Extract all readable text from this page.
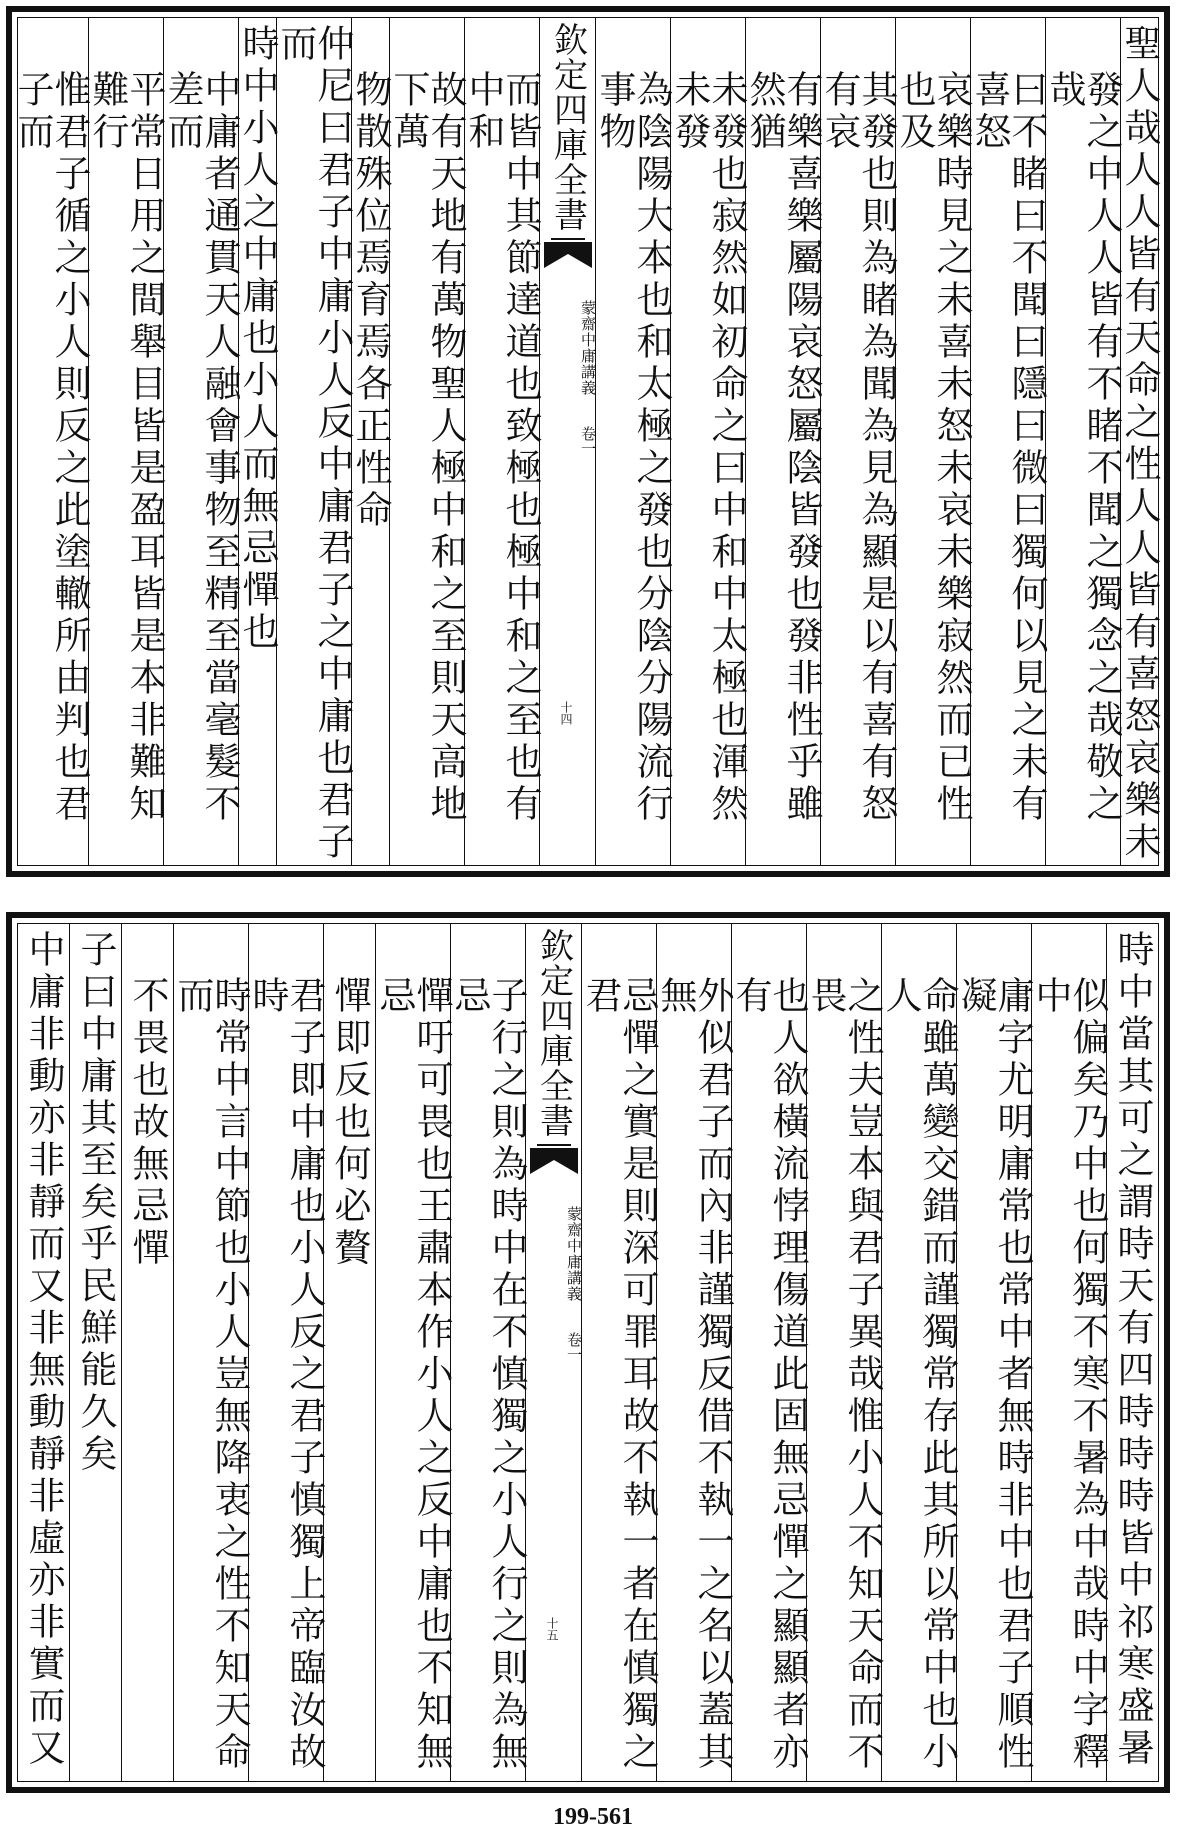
聖人哉人人皆有天命之性人人皆有喜怒哀樂未
發之中人人皆有不睹不聞之獨念之哉敬之哉
曰不睹曰不聞曰隱曰微曰獨何以見之未有喜怒
哀樂時見之未喜未怒未哀未樂寂然而已性也及
其發也則為睹為聞為見為顯是以有喜有怒有哀
有樂喜樂屬陽哀怒屬陰皆發也發非性乎雖然猶
未發也寂然如初命之曰中和中太極也渾然未發
為陰陽大本也和太極之發也分陰分陽流行事物
欽定四庫全書
蒙齋中庸講義
卷一
十四
而皆中其節達道也致極也極中和之至也有中和
故有天地有萬物聖人極中和之至則天高地下萬
物散殊位焉育焉各正性命
仲尼曰君子中庸小人反中庸君子之中庸也君子而
時中小人之中庸也小人而無忌憚也
中庸者通貫天人融會事物至精至當毫髮不差而
平常日用之間舉目皆是盈耳皆是本非難知難行
惟君子循之小人則反之此塗轍所由判也君子而
時中當其可之謂時天有四時時時皆中祁寒盛暑
似偏矣乃中也何獨不寒不暑為中哉時中字釋中
庸字尤明庸常也常中者無時非中也君子順性凝
命雖萬變交錯而謹獨常存此其所以常中也小人
之性夫豈本與君子異哉惟小人不知天命而不畏
也人欲橫流悖理傷道此固無忌憚之顯顯者亦有
外似君子而內非謹獨反借不執一之名以蓋其無
忌憚之實是則深可罪耳故不執一者在慎獨之君
欽定四庫全書
蒙齋中庸講義
卷一
十五
子行之則為時中在不慎獨之小人行之則為無忌
憚吁可畏也王肅本作小人之反中庸也不知無忌
憚即反也何必贅
君子即中庸也小人反之君子慎獨上帝臨汝故時
時常中言中節也小人豈無降衷之性不知天命而
不畏也故無忌憚
子曰中庸其至矣乎民鮮能久矣
中庸非動亦非靜而又非無動靜非虛亦非實而又
199-561
